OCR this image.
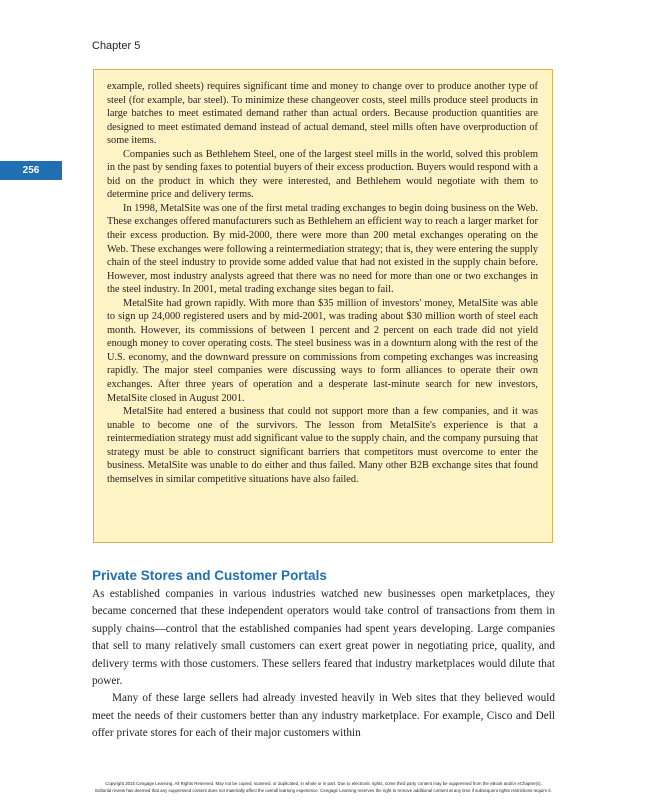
Chapter 5
256

example, rolled sheets) requires significant time and money to change over to produce another type of steel (for example, bar steel). To minimize these changeover costs, steel mills produce steel products in large batches to meet estimated demand rather than actual orders. Because production quantities are designed to meet estimated demand instead of actual demand, steel mills often have overproduction of some items.

Companies such as Bethlehem Steel, one of the largest steel mills in the world, solved this problem in the past by sending faxes to potential buyers of their excess production. Buyers would respond with a bid on the product in which they were interested, and Bethlehem would negotiate with them to determine price and delivery terms.

In 1998, MetalSite was one of the first metal trading exchanges to begin doing business on the Web. These exchanges offered manufacturers such as Bethlehem an efficient way to reach a larger market for their excess production. By mid-2000, there were more than 200 metal exchanges operating on the Web. These exchanges were following a reintermediation strategy; that is, they were entering the supply chain of the steel industry to provide some added value that had not existed in the supply chain before. However, most industry analysts agreed that there was no need for more than one or two exchanges in the steel industry. In 2001, metal trading exchange sites began to fail.

MetalSite had grown rapidly. With more than $35 million of investors' money, MetalSite was able to sign up 24,000 registered users and by mid-2001, was trading about $30 million worth of steel each month. However, its commissions of between 1 percent and 2 percent on each trade did not yield enough money to cover operating costs. The steel business was in a downturn along with the rest of the U.S. economy, and the downward pressure on commissions from competing exchanges was increasing rapidly. The major steel companies were discussing ways to form alliances to operate their own exchanges. After three years of operation and a desperate last-minute search for new investors, MetalSite closed in August 2001.

MetalSite had entered a business that could not support more than a few companies, and it was unable to become one of the survivors. The lesson from MetalSite's experience is that a reintermediation strategy must add significant value to the supply chain, and the company pursuing that strategy must be able to construct significant barriers that competitors must overcome to enter the business. MetalSite was unable to do either and thus failed. Many other B2B exchange sites that found themselves in similar competitive situations have also failed.

Private Stores and Customer Portals

As established companies in various industries watched new businesses open marketplaces, they became concerned that these independent operators would take control of transactions from them in supply chains—control that the established companies had spent years developing. Large companies that sell to many relatively small customers can exert great power in negotiating price, quality, and delivery terms with those customers. These sellers feared that industry marketplaces would dilute that power.

Many of these large sellers had already invested heavily in Web sites that they believed would meet the needs of their customers better than any industry marketplace. For example, Cisco and Dell offer private stores for each of their major customers within

Copyright 2015 Cengage Learning. All Rights Reserved. May not be copied, scanned, or duplicated, in whole or in part. Due to electronic rights, some third party content may be suppressed from the eBook and/or eChapter(s).
Editorial review has deemed that any suppressed content does not materially affect the overall learning experience. Cengage Learning reserves the right to remove additional content at any time if subsequent rights restrictions require it.
